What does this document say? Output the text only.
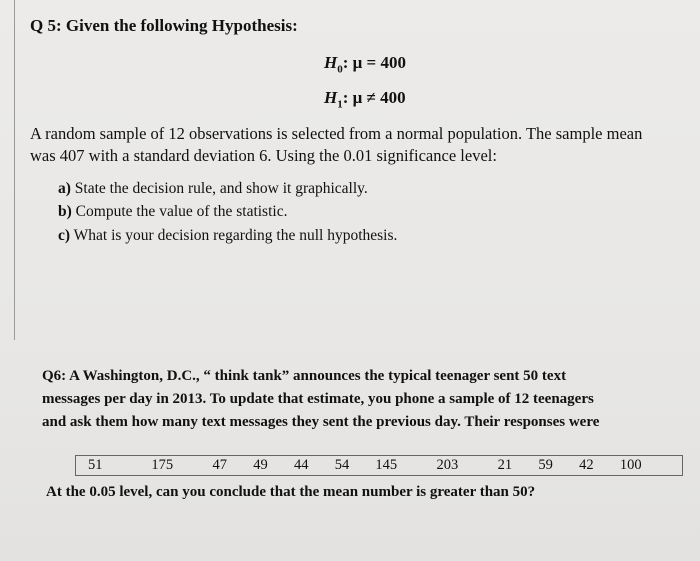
Q 5: Given the following Hypothesis:
$H_0$: μ = 400
$H_1$: μ ≠ 400
A random sample of 12 observations is selected from a normal population. The sample mean
was 407 with a standard deviation 6. Using the 0.01 significance level:
a) State the decision rule, and show it graphically.
b) Compute the value of the statistic.
c) What is your decision regarding the null hypothesis.
Q6: A Washington, D.C., “ think tank” announces the typical teenager sent 50 text
messages per day in 2013. To update that estimate, you phone a sample of 12 teenagers
and ask them how many text messages they sent the previous day. Their responses were
51	175	47	49	44	54	145	203	21	59	42	100
At the 0.05 level, can you conclude that the mean number is greater than 50?
